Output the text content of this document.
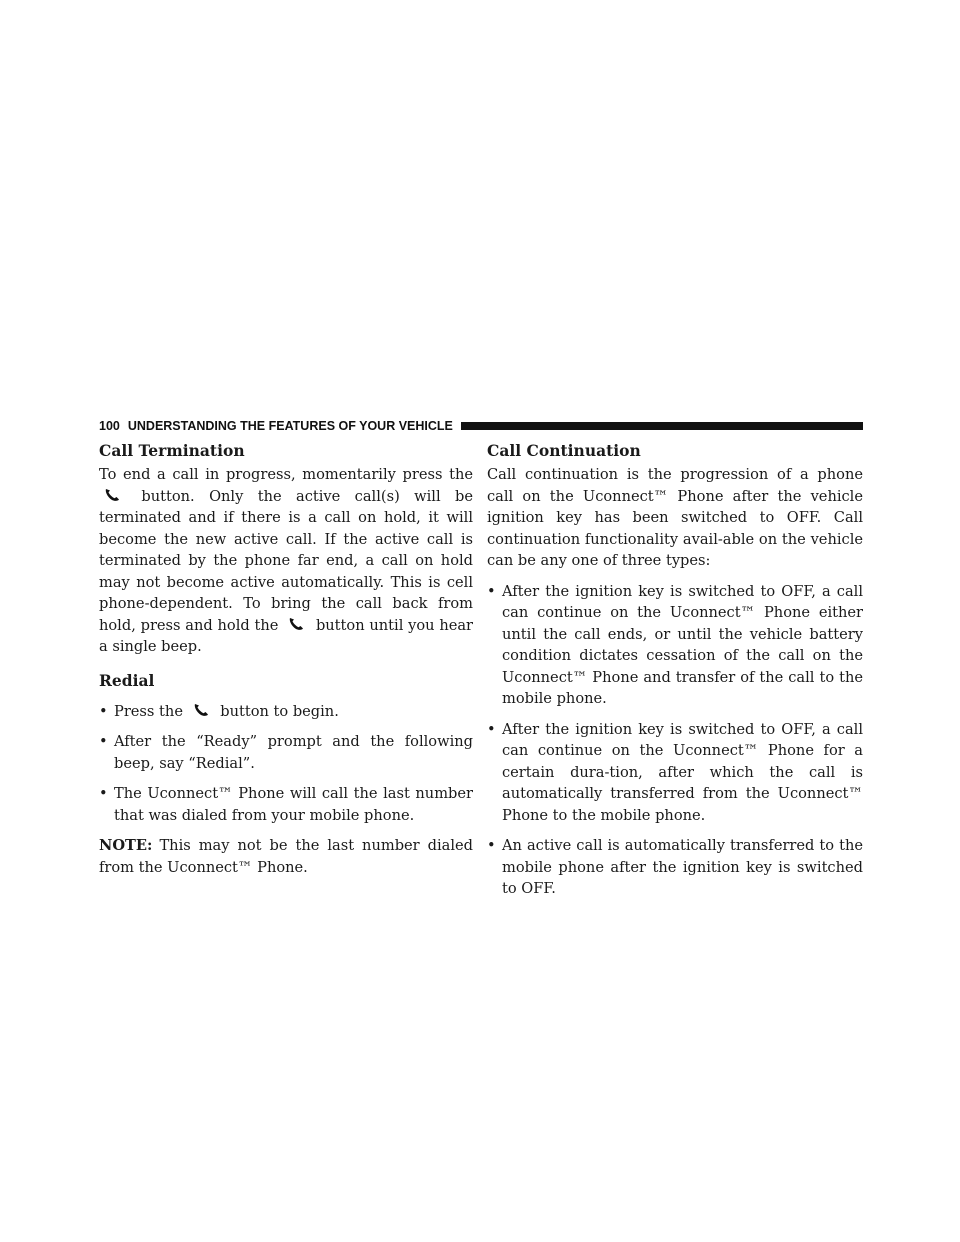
100 UNDERSTANDING THE FEATURES OF YOUR VEHICLE
Call Termination

To end a call in progress, momentarily press the
button. Only the active call(s) will be terminated and if there is a call on hold, it will become the new active call. If the active call is terminated by the phone far end, a call on hold may not become active automatically. This is cell phone-dependent. To bring the call back from hold, press and hold the	button until you hear a single beep.

Redial
• Press the	button to begin.
• After the “Ready” prompt and the following beep, say “Redial”.
• The Uconnect™ Phone will call the last number that was dialed from your mobile phone.

NOTE: This may not be the last number dialed from the Uconnect™ Phone.

Call Continuation

Call continuation is the progression of a phone call on the Uconnect™ Phone after the vehicle ignition key has been switched to OFF. Call continuation functionality avail-able on the vehicle can be any one of three types:

• After the ignition key is switched to OFF, a call can continue on the Uconnect™ Phone either until the call ends, or until the vehicle battery condition dictates cessation of the call on the Uconnect™ Phone and transfer of the call to the mobile phone.
• After the ignition key is switched to OFF, a call can continue on the Uconnect™ Phone for a certain dura-tion, after which the call is automatically transferred from the Uconnect™ Phone to the mobile phone.
• An active call is automatically transferred to the mobile phone after the ignition key is switched to OFF.
